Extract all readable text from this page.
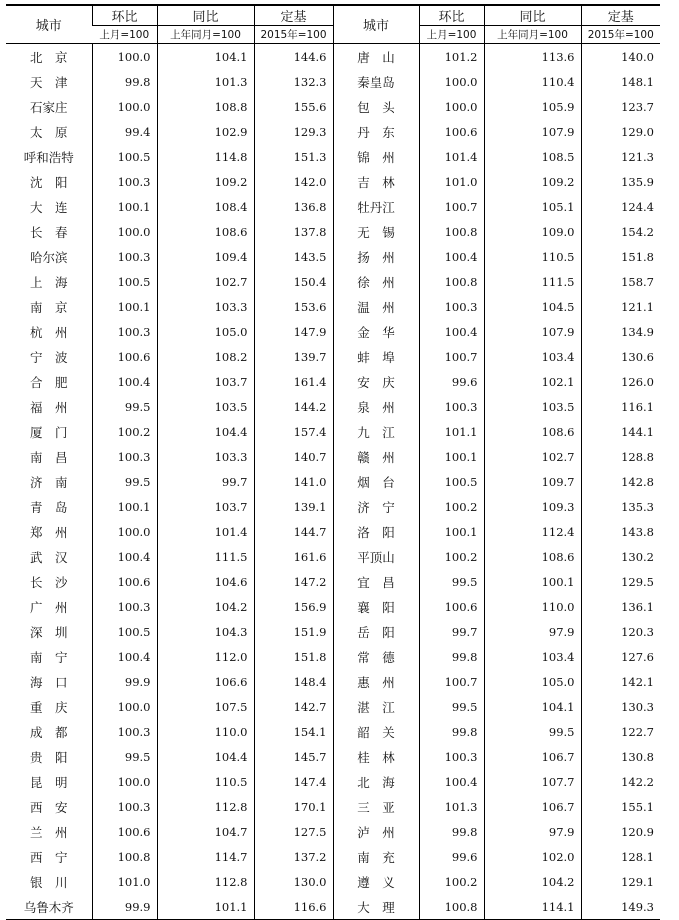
城市	环比	同比	定基	城市	环比	同比	定基
	上月=100	上年同月=100	2015年=100		上月=100	上年同月=100	2015年=100
北　京	100.0	104.1	144.6	唐　山	101.2	113.6	140.0
天　津	99.8	101.3	132.3	秦皇岛	100.0	110.4	148.1
石家庄	100.0	108.8	155.6	包　头	100.0	105.9	123.7
太　原	99.4	102.9	129.3	丹　东	100.6	107.9	129.0
呼和浩特	100.5	114.8	151.3	锦　州	101.4	108.5	121.3
沈　阳	100.3	109.2	142.0	吉　林	101.0	109.2	135.9
大　连	100.1	108.4	136.8	牡丹江	100.7	105.1	124.4
长　春	100.0	108.6	137.8	无　锡	100.8	109.0	154.2
哈尔滨	100.3	109.4	143.5	扬　州	100.4	110.5	151.8
上　海	100.5	102.7	150.4	徐　州	100.8	111.5	158.7
南　京	100.1	103.3	153.6	温　州	100.3	104.5	121.1
杭　州	100.3	105.0	147.9	金　华	100.4	107.9	134.9
宁　波	100.6	108.2	139.7	蚌　埠	100.7	103.4	130.6
合　肥	100.4	103.7	161.4	安　庆	99.6	102.1	126.0
福　州	99.5	103.5	144.2	泉　州	100.3	103.5	116.1
厦　门	100.2	104.4	157.4	九　江	101.1	108.6	144.1
南　昌	100.3	103.3	140.7	赣　州	100.1	102.7	128.8
济　南	99.5	99.7	141.0	烟　台	100.5	109.7	142.8
青　岛	100.1	103.7	139.1	济　宁	100.2	109.3	135.3
郑　州	100.0	101.4	144.7	洛　阳	100.1	112.4	143.8
武　汉	100.4	111.5	161.6	平顶山	100.2	108.6	130.2
长　沙	100.6	104.6	147.2	宜　昌	99.5	100.1	129.5
广　州	100.3	104.2	156.9	襄　阳	100.6	110.0	136.1
深　圳	100.5	104.3	151.9	岳　阳	99.7	97.9	120.3
南　宁	100.4	112.0	151.8	常　德	99.8	103.4	127.6
海　口	99.9	106.6	148.4	惠　州	100.7	105.0	142.1
重　庆	100.0	107.5	142.7	湛　江	99.5	104.1	130.3
成　都	100.3	110.0	154.1	韶　关	99.8	99.5	122.7
贵　阳	99.5	104.4	145.7	桂　林	100.3	106.7	130.8
昆　明	100.0	110.5	147.4	北　海	100.4	107.7	142.2
西　安	100.3	112.8	170.1	三　亚	101.3	106.7	155.1
兰　州	100.6	104.7	127.5	泸　州	99.8	97.9	120.9
西　宁	100.8	114.7	137.2	南　充	99.6	102.0	128.1
银　川	101.0	112.8	130.0	遵　义	100.2	104.2	129.1
乌鲁木齐	99.9	101.1	116.6	大　理	100.8	114.1	149.3
